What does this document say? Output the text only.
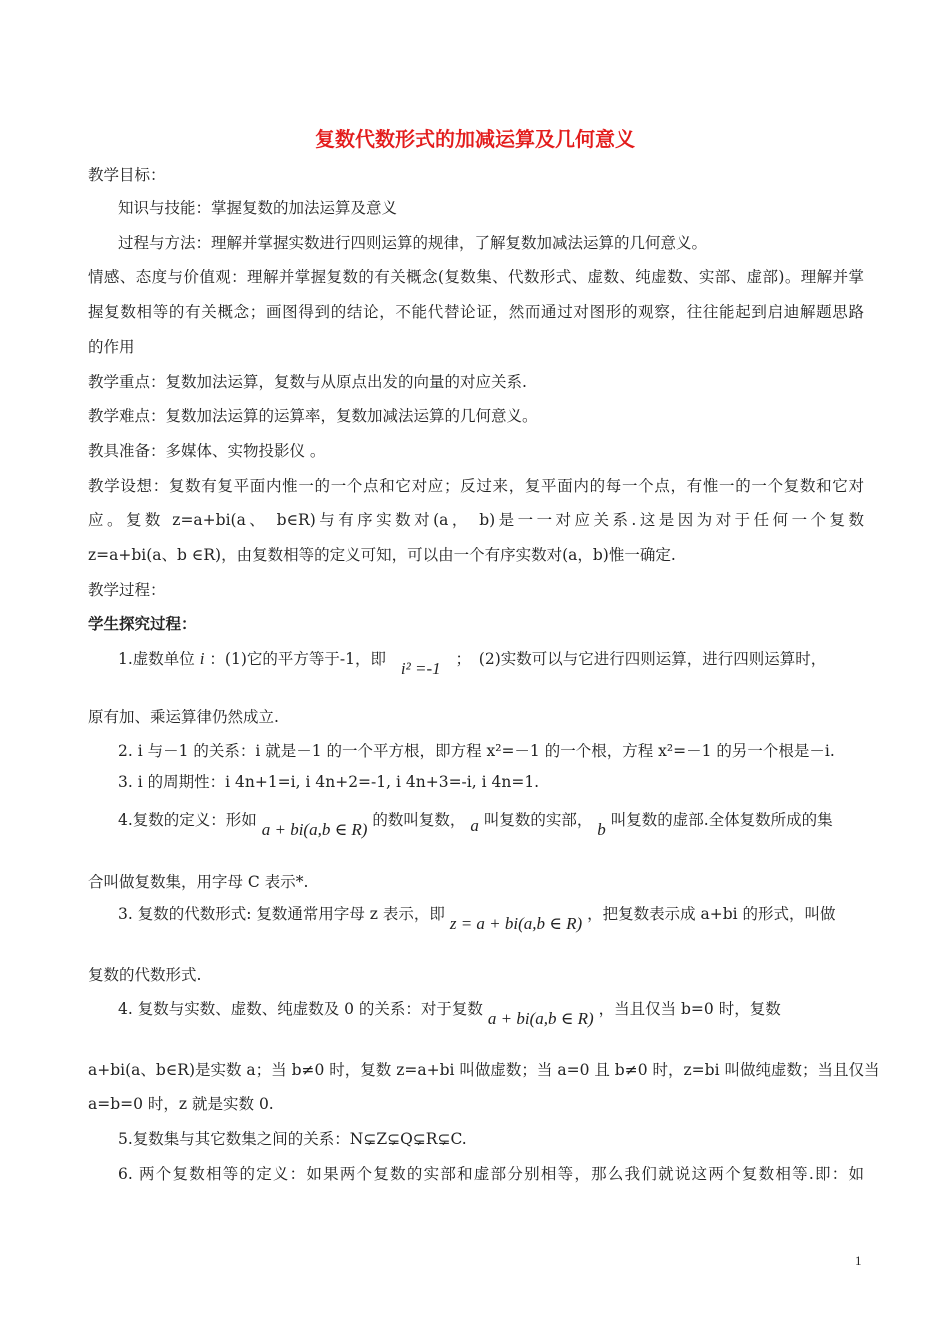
复数代数形式的加减运算及几何意义
教学目标：
知识与技能：掌握复数的加法运算及意义
过程与方法：理解并掌握实数进行四则运算的规律，了解复数加减法运算的几何意义。
情感、态度与价值观：理解并掌握复数的有关概念(复数集、代数形式、虚数、纯虚数、实部、虚部)。理解并掌
握复数相等的有关概念；画图得到的结论，不能代替论证，然而通过对图形的观察，往往能起到启迪解题思路
的作用
教学重点：复数加法运算，复数与从原点出发的向量的对应关系.
教学难点：复数加法运算的运算率，复数加减法运算的几何意义。
教具准备：多媒体、实物投影仪 。
教学设想：复数有复平面内惟一的一个点和它对应；反过来，复平面内的每一个点，有惟一的一个复数和它对
应。复数 z=a+bi(a、 b∈R)与有序实数对(a， b)是一一对应关系.这是因为对于任何一个复数
z=a+bi(a、b ∈R)，由复数相等的定义可知，可以由一个有序实数对(a，b)惟一确定.
教学过程：
学生探究过程：
1.虚数单位 i ：(1)它的平方等于-1，即 i² =-1 ；　(2)实数可以与它进行四则运算，进行四则运算时，
原有加、乘运算律仍然成立.
2. i 与－1 的关系：i 就是－1 的一个平方根，即方程 x²=－1 的一个根，方程 x²=－1 的另一个根是－i.
3. i 的周期性：i 4n+1=i, i 4n+2=-1, i 4n+3=-i, i 4n=1.
4.复数的定义：形如 a + bi(a,b ∈ R) 的数叫复数， a 叫复数的实部， b 叫复数的虚部.全体复数所成的集
合叫做复数集，用字母 C 表示*.
3. 复数的代数形式: 复数通常用字母 z 表示，即 z = a + bi(a,b ∈ R) ，把复数表示成 a+bi 的形式，叫做
复数的代数形式.
4. 复数与实数、虚数、纯虚数及 0 的关系：对于复数 a + bi(a,b ∈ R) ，当且仅当 b=0 时，复数
a+bi(a、b∈R)是实数 a；当 b≠0 时，复数 z=a+bi 叫做虚数；当 a=0 且 b≠0 时，z=bi 叫做纯虚数；当且仅当
a=b=0 时，z 就是实数 0.
5.复数集与其它数集之间的关系：N⊊Z⊊Q⊊R⊊C.
6. 两个复数相等的定义：如果两个复数的实部和虚部分别相等，那么我们就说这两个复数相等.即：如
1
